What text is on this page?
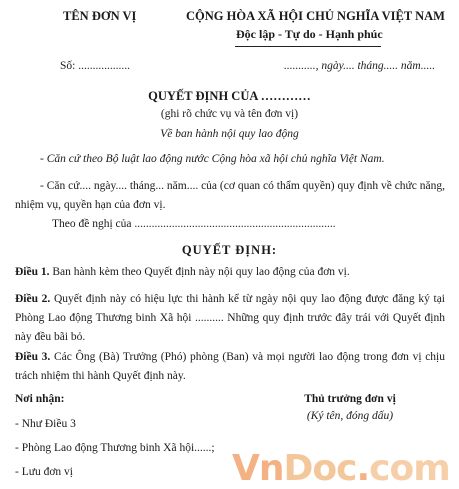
TÊN ĐƠN VỊ	CỘNG HÒA XÃ HỘI CHỦ NGHĨA VIỆT NAM
Độc lập - Tự do - Hạnh phúc
Số: ..................	..........., ngày.... tháng..... năm.....
QUYẾT ĐỊNH CỦA …………
(ghi rõ chức vụ và tên đơn vị)
Về ban hành nội quy lao động
- Căn cứ theo Bộ luật lao động nước Cộng hòa xã hội chủ nghĩa Việt Nam.
- Căn cứ.... ngày.... tháng... năm.... của (cơ quan có thẩm quyền) quy định về chức năng, nhiệm vụ, quyền hạn của đơn vị.
Theo đề nghị của ......................................................................
QUYẾT ĐỊNH:
Điều 1. Ban hành kèm theo Quyết định này nội quy lao động của đơn vị.
Điều 2. Quyết định này có hiệu lực thi hành kể từ ngày nội quy lao động được đăng ký tại Phòng Lao động Thương binh Xã hội .......... Những quy định trước đây trái với Quyết định này đều bãi bỏ.
Điều 3. Các Ông (Bà) Trưởng (Phó) phòng (Ban) và mọi người lao động trong đơn vị chịu trách nhiệm thi hành Quyết định này.
Nơi nhận:
- Như Điều 3
- Phòng Lao động Thương binh Xã hội......;
- Lưu đơn vị
Thủ trưởng đơn vị
(Ký tên, đóng dấu)
VnDoc.com
